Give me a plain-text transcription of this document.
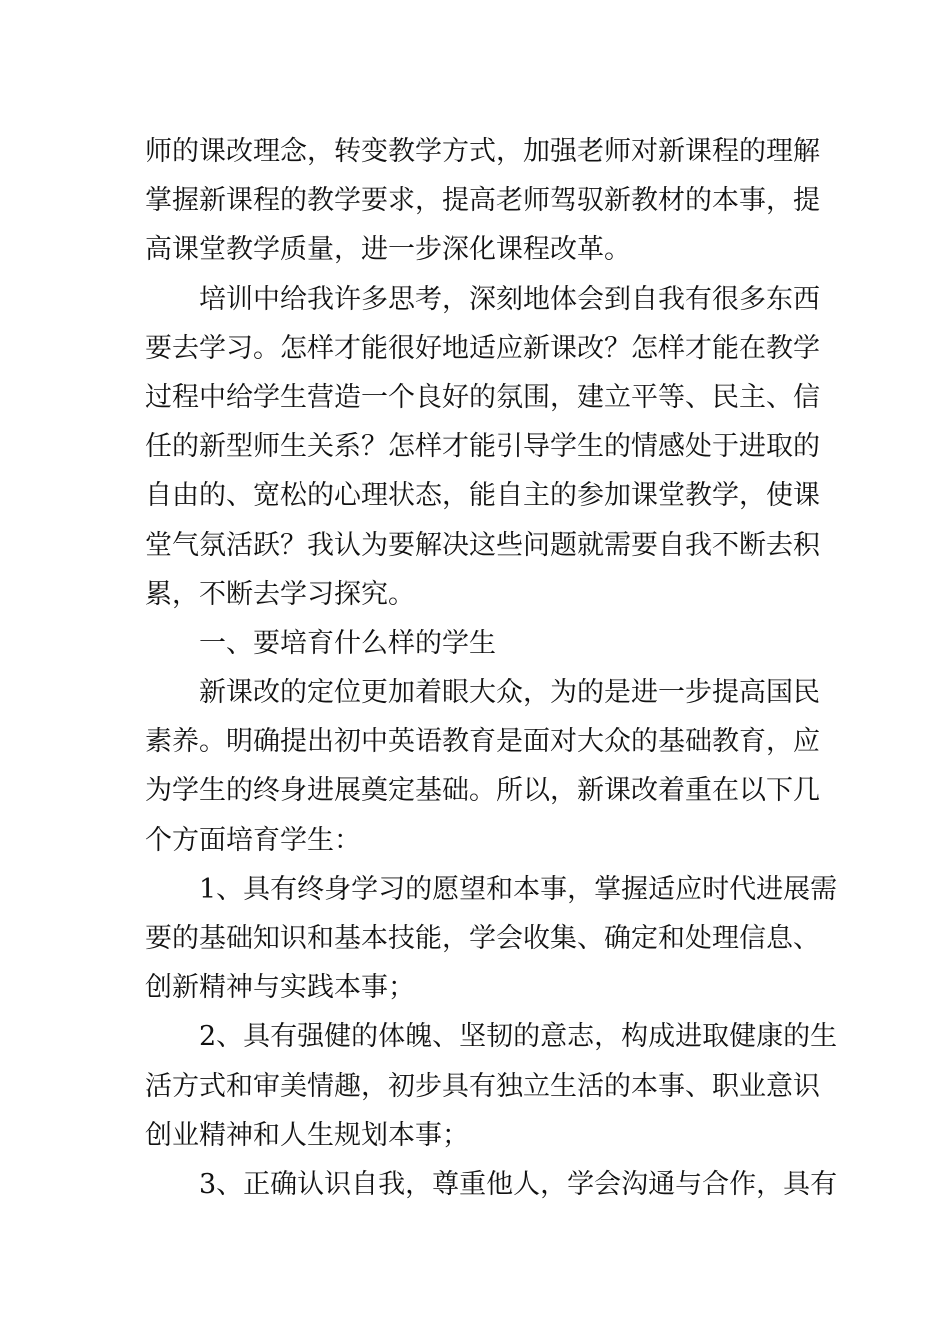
师的课改理念，转变教学方式，加强老师对新课程的理解
掌握新课程的教学要求，提高老师驾驭新教材的本事，提
高课堂教学质量，进一步深化课程改革。
培训中给我许多思考，深刻地体会到自我有很多东西
要去学习。怎样才能很好地适应新课改？怎样才能在教学
过程中给学生营造一个良好的氛围，建立平等、民主、信
任的新型师生关系？怎样才能引导学生的情感处于进取的
自由的、宽松的心理状态，能自主的参加课堂教学，使课
堂气氛活跃？我认为要解决这些问题就需要自我不断去积
累，不断去学习探究。
一、要培育什么样的学生
新课改的定位更加着眼大众，为的是进一步提高国民
素养。明确提出初中英语教育是面对大众的基础教育，应
为学生的终身进展奠定基础。所以，新课改着重在以下几
个方面培育学生：
1、具有终身学习的愿望和本事，掌握适应时代进展需
要的基础知识和基本技能，学会收集、确定和处理信息、
创新精神与实践本事；
2、具有强健的体魄、坚韧的意志，构成进取健康的生
活方式和审美情趣，初步具有独立生活的本事、职业意识
创业精神和人生规划本事；
3、正确认识自我，尊重他人，学会沟通与合作，具有
